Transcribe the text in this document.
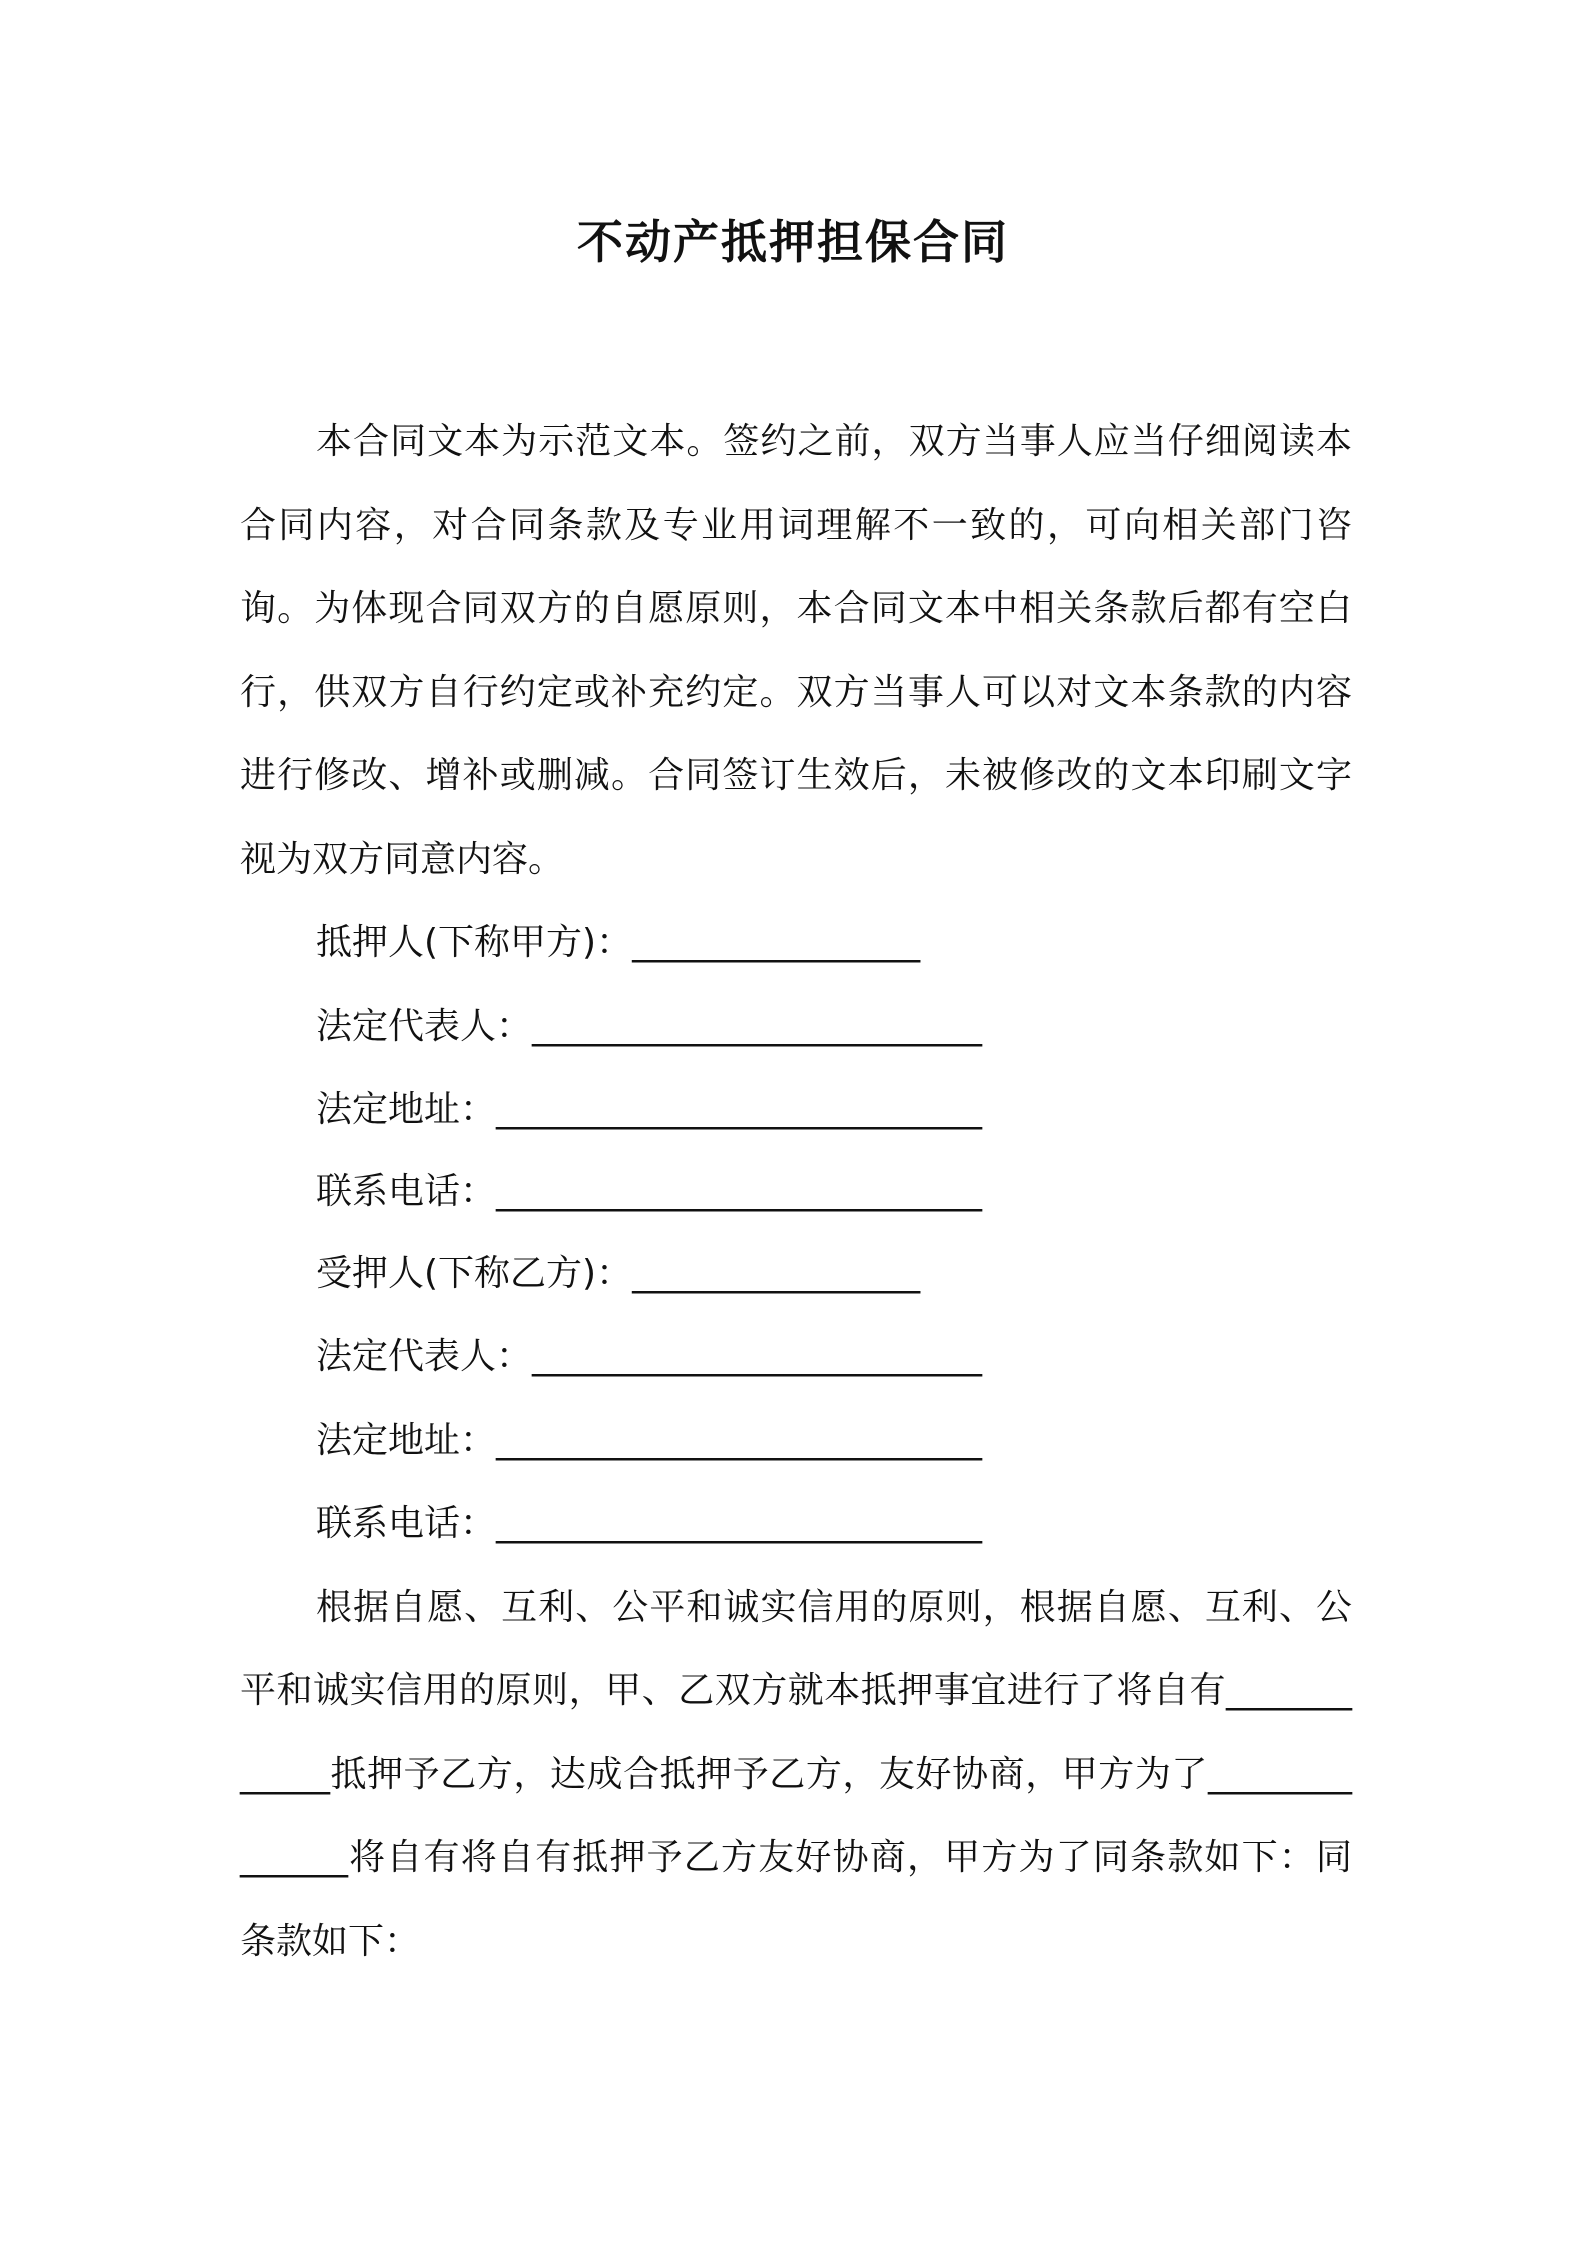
不动产抵押担保合同

本合同文本为示范文本。签约之前，双方当事人应当仔细阅读本合同内容，对合同条款及专业用词理解不一致的，可向相关部门咨询。为体现合同双方的自愿原则，本合同文本中相关条款后都有空白行，供双方自行约定或补充约定。双方当事人可以对文本条款的内容进行修改、增补或删减。合同签订生效后，未被修改的文本印刷文字视为双方同意内容。

抵押人(下称甲方)：________________

法定代表人：_________________________

法定地址：___________________________

联系电话：___________________________

受押人(下称乙方)：________________

法定代表人：_________________________

法定地址：___________________________

联系电话：___________________________

根据自愿、互利、公平和诚实信用的原则，根据自愿、互利、公平和诚实信用的原则，甲、乙双方就本抵押事宜进行了将自有____________抵押予乙方，达成合抵押予乙方，友好协商，甲方为了______________将自有将自有抵押予乙方友好协商，甲方为了同条款如下：同条款如下：
